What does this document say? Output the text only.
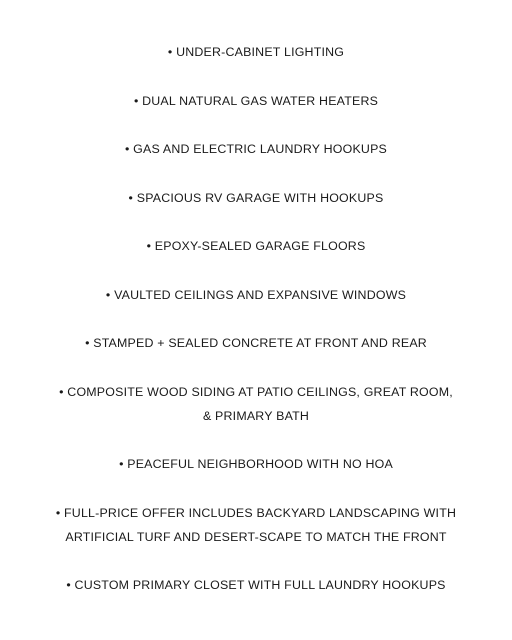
• UNDER-CABINET LIGHTING
• DUAL NATURAL GAS WATER HEATERS
• GAS AND ELECTRIC LAUNDRY HOOKUPS
• SPACIOUS RV GARAGE WITH HOOKUPS
• EPOXY-SEALED GARAGE FLOORS
• VAULTED CEILINGS AND EXPANSIVE WINDOWS
• STAMPED + SEALED CONCRETE AT FRONT AND REAR
• COMPOSITE WOOD SIDING AT PATIO CEILINGS, GREAT ROOM,
& PRIMARY BATH
• PEACEFUL NEIGHBORHOOD WITH NO HOA
• FULL-PRICE OFFER INCLUDES BACKYARD LANDSCAPING WITH
ARTIFICIAL TURF AND DESERT-SCAPE TO MATCH THE FRONT
• CUSTOM PRIMARY CLOSET WITH FULL LAUNDRY HOOKUPS
